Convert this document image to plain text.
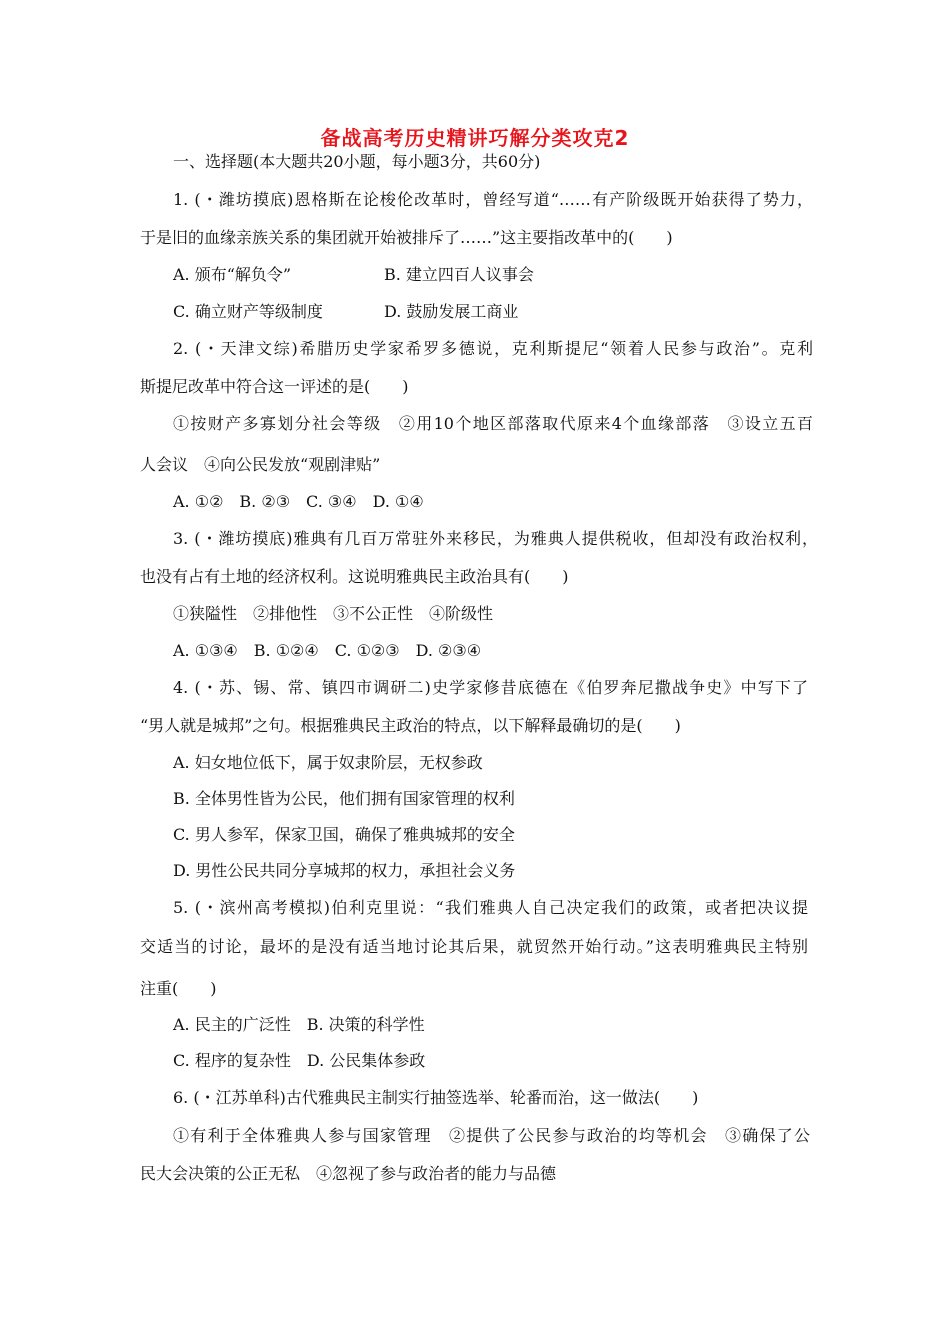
备战高考历史精讲巧解分类攻克2
一、选择题(本大题共20小题，每小题3分，共60分)
1. (・潍坊摸底)恩格斯在论梭伦改革时，曾经写道“……有产阶级既开始获得了势力，
于是旧的血缘亲族关系的集团就开始被排斥了……”这主要指改革中的(　　)
A. 颁布“解负令”	B. 建立四百人议事会
C. 确立财产等级制度	D. 鼓励发展工商业
2. (・天津文综)希腊历史学家希罗多德说，克利斯提尼“领着人民参与政治”。克利
斯提尼改革中符合这一评述的是(　　)
①按财产多寡划分社会等级　②用10个地区部落取代原来4个血缘部落　③设立五百
人会议　④向公民发放“观剧津贴”
A. ①②　B. ②③　C. ③④　D. ①④
3. (・潍坊摸底)雅典有几百万常驻外来移民，为雅典人提供税收，但却没有政治权利，
也没有占有土地的经济权利。这说明雅典民主政治具有(　　)
①狭隘性　②排他性　③不公正性　④阶级性
A. ①③④　B. ①②④　C. ①②③　D. ②③④
4. (・苏、锡、常、镇四市调研二)史学家修昔底德在《伯罗奔尼撒战争史》中写下了
“男人就是城邦”之句。根据雅典民主政治的特点，以下解释最确切的是(　　)
A. 妇女地位低下，属于奴隶阶层，无权参政
B. 全体男性皆为公民，他们拥有国家管理的权利
C. 男人参军，保家卫国，确保了雅典城邦的安全
D. 男性公民共同分享城邦的权力，承担社会义务
5. (・滨州高考模拟)伯利克里说：“我们雅典人自己决定我们的政策，或者把决议提
交适当的讨论，最坏的是没有适当地讨论其后果，就贸然开始行动。”这表明雅典民主特别
注重(　　)
A. 民主的广泛性　B. 决策的科学性
C. 程序的复杂性　D. 公民集体参政
6. (・江苏单科)古代雅典民主制实行抽签选举、轮番而治，这一做法(　　)
①有利于全体雅典人参与国家管理　②提供了公民参与政治的均等机会　③确保了公
民大会决策的公正无私　④忽视了参与政治者的能力与品德
